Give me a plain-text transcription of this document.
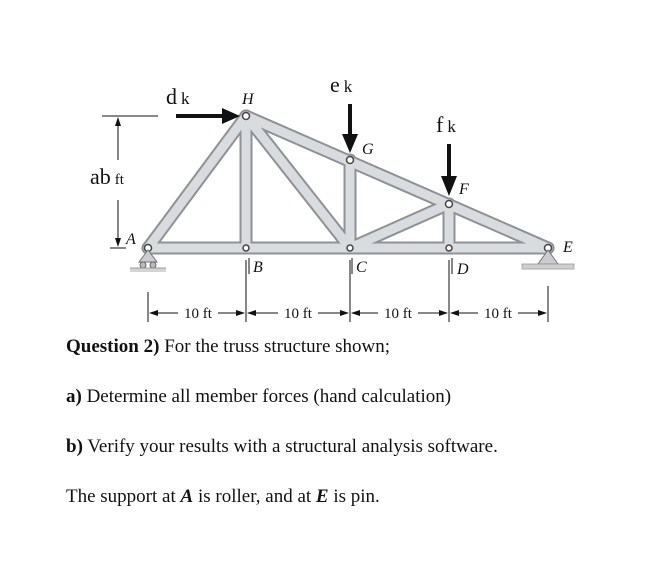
d k
e k
f k
ab ft
A
B	C	D
E
F
G
H
10 ft	10 ft	10 ft	10 ft
Question 2) For the truss structure shown;
a) Determine all member forces (hand calculation)
b) Verify your results with a structural analysis software.
The support at A is roller, and at E is pin.
